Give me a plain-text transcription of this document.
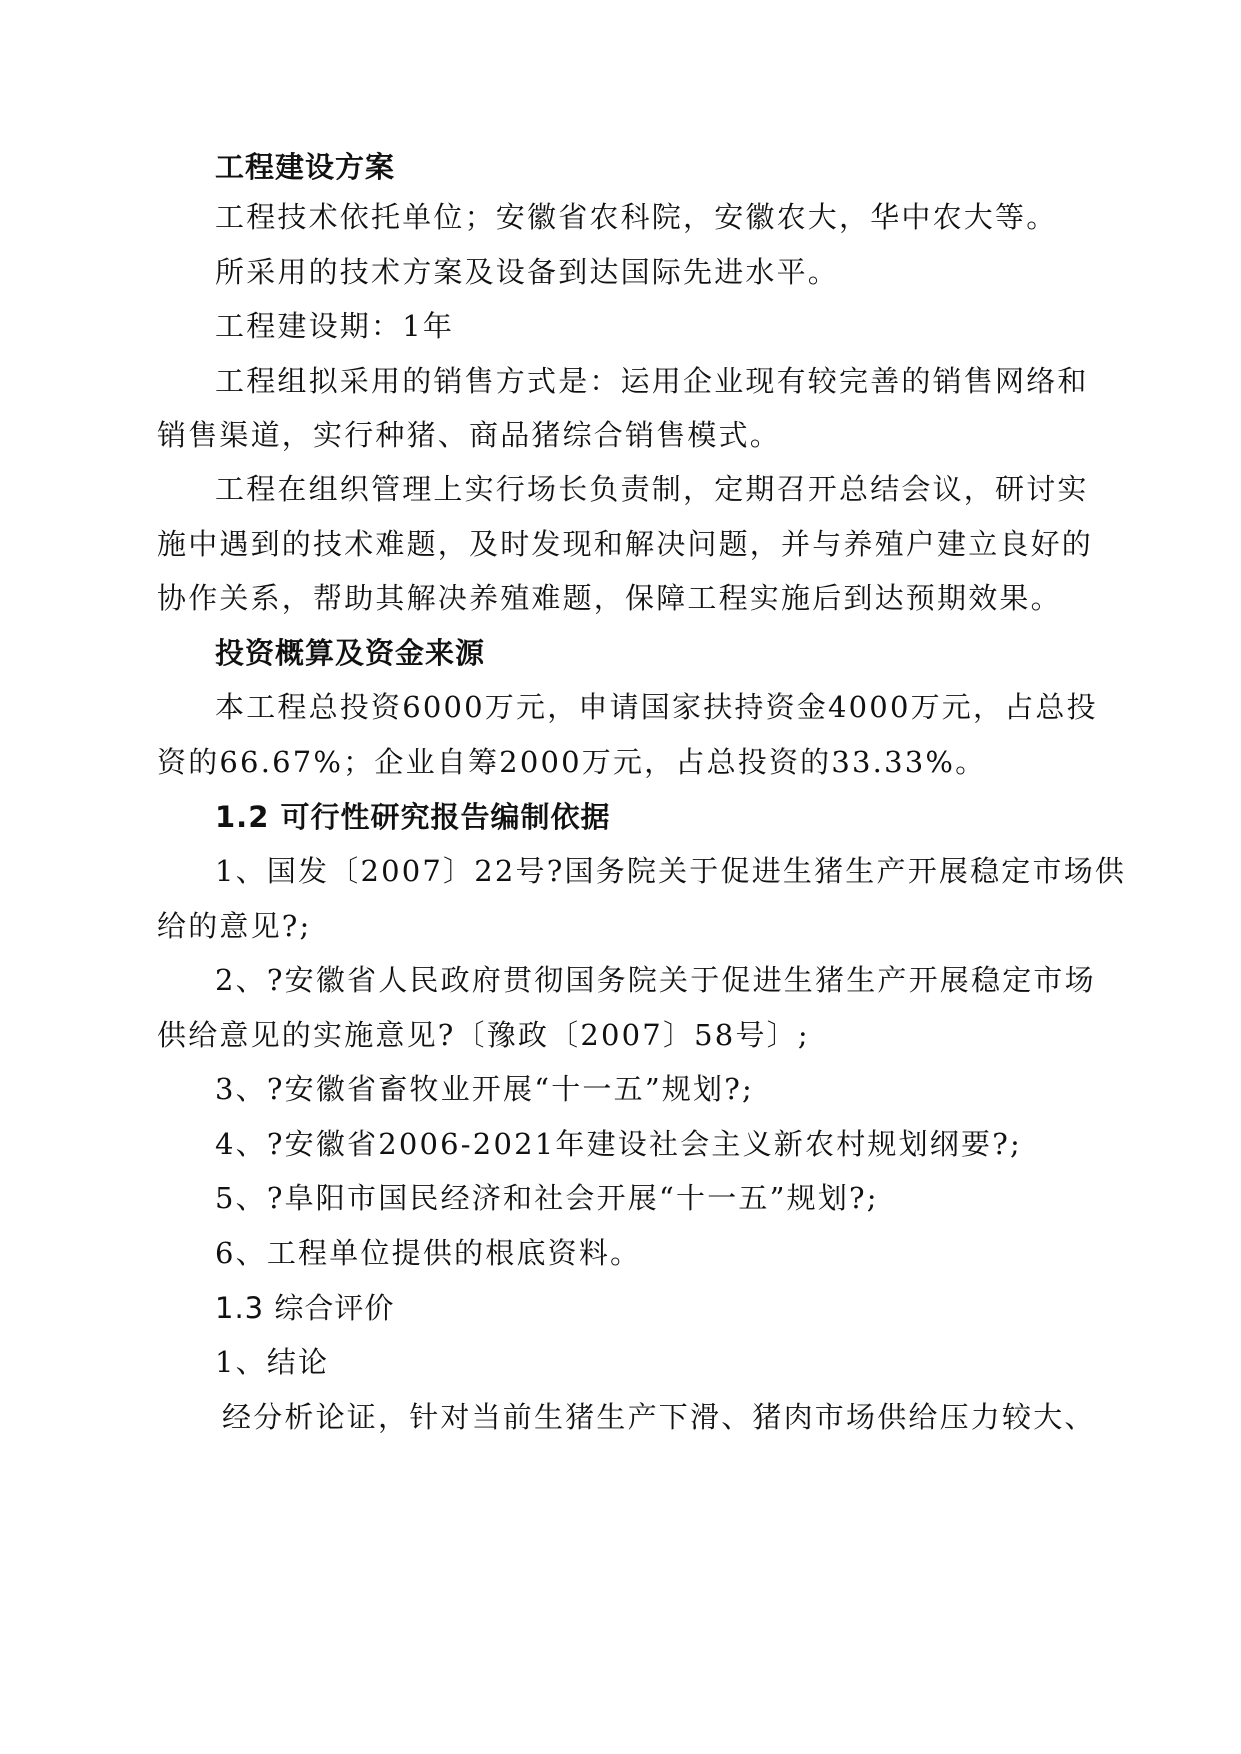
工程建设方案
工程技术依托单位；安徽省农科院，安徽农大，华中农大等。
所采用的技术方案及设备到达国际先进水平。
工程建设期：1年
工程组拟采用的销售方式是：运用企业现有较完善的销售网络和
销售渠道，实行种猪、商品猪综合销售模式。
工程在组织管理上实行场长负责制，定期召开总结会议，研讨实
施中遇到的技术难题，及时发现和解决问题，并与养殖户建立良好的
协作关系，帮助其解决养殖难题，保障工程实施后到达预期效果。
投资概算及资金来源
本工程总投资6000万元，申请国家扶持资金4000万元，占总投
资的66.67%；企业自筹2000万元，占总投资的33.33%。
1.2 可行性研究报告编制依据
1、国发〔2007〕22号?国务院关于促进生猪生产开展稳定市场供
给的意见?;
2、?安徽省人民政府贯彻国务院关于促进生猪生产开展稳定市场
供给意见的实施意见?〔豫政〔2007〕58号〕;
3、?安徽省畜牧业开展“十一五”规划?;
4、?安徽省2006-2021年建设社会主义新农村规划纲要?;
5、?阜阳市国民经济和社会开展“十一五”规划?;
6、工程单位提供的根底资料。
1.3 综合评价
1、结论
经分析论证，针对当前生猪生产下滑、猪肉市场供给压力较大、
